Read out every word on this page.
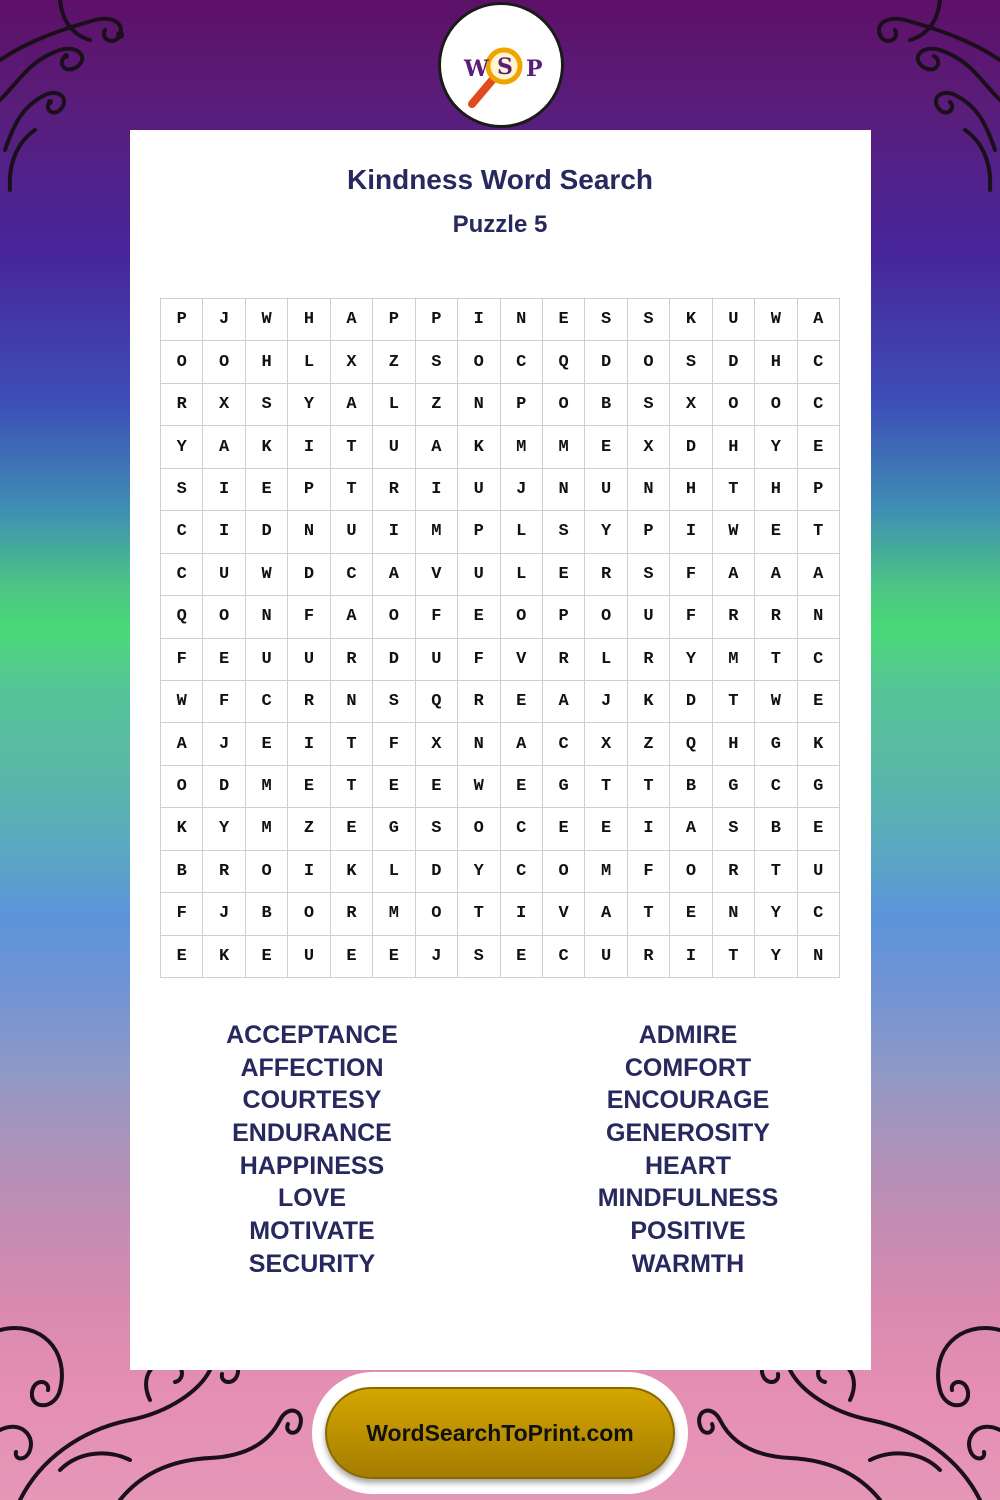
W S P
Kindness Word Search
Puzzle 5
P	J	W	H	A	P	P	I	N	E	S	S	K	U	W	A
O	O	H	L	X	Z	S	O	C	Q	D	O	S	D	H	C
R	X	S	Y	A	L	Z	N	P	O	B	S	X	O	O	C
Y	A	K	I	T	U	A	K	M	M	E	X	D	H	Y	E
S	I	E	P	T	R	I	U	J	N	U	N	H	T	H	P
C	I	D	N	U	I	M	P	L	S	Y	P	I	W	E	T
C	U	W	D	C	A	V	U	L	E	R	S	F	A	A	A
Q	O	N	F	A	O	F	E	O	P	O	U	F	R	R	N
F	E	U	U	R	D	U	F	V	R	L	R	Y	M	T	C
W	F	C	R	N	S	Q	R	E	A	J	K	D	T	W	E
A	J	E	I	T	F	X	N	A	C	X	Z	Q	H	G	K
O	D	M	E	T	E	E	W	E	G	T	T	B	G	C	G
K	Y	M	Z	E	G	S	O	C	E	E	I	A	S	B	E
B	R	O	I	K	L	D	Y	C	O	M	F	O	R	T	U
F	J	B	O	R	M	O	T	I	V	A	T	E	N	Y	C
E	K	E	U	E	E	J	S	E	C	U	R	I	T	Y	N
ACCEPTANCE
AFFECTION
COURTESY
ENDURANCE
HAPPINESS
LOVE
MOTIVATE
SECURITY
ADMIRE
COMFORT
ENCOURAGE
GENEROSITY
HEART
MINDFULNESS
POSITIVE
WARMTH
WordSearchToPrint.com
